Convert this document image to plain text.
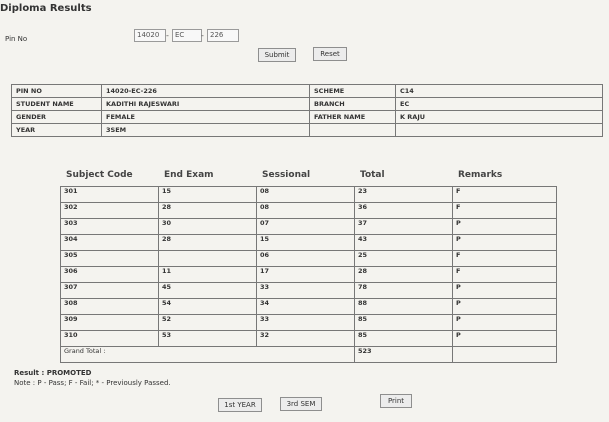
Diploma Results
Pin No	14020 - EC	- 226
Submit	Reset
PIN NO	14020-EC-226	SCHEME	C14
STUDENT NAME	KADITHI RAJESWARI	BRANCH	EC
GENDER	FEMALE	FATHER NAME	K RAJU
YEAR	3SEM		
Subject Code	End Exam	Sessional	Total	Remarks
301	15	08	23	F
302	28	08	36	F
303	30	07	37	P
304	28	15	43	P
305		06	25	F
306	11	17	28	F
307	45	33	78	P
308	54	34	88	P
309	52	33	85	P
310	53	32	85	P
Grand Total :			523	
Result : PROMOTED
Note : P - Pass; F - Fail; * - Previously Passed.
1st YEAR	3rd SEM	Print
